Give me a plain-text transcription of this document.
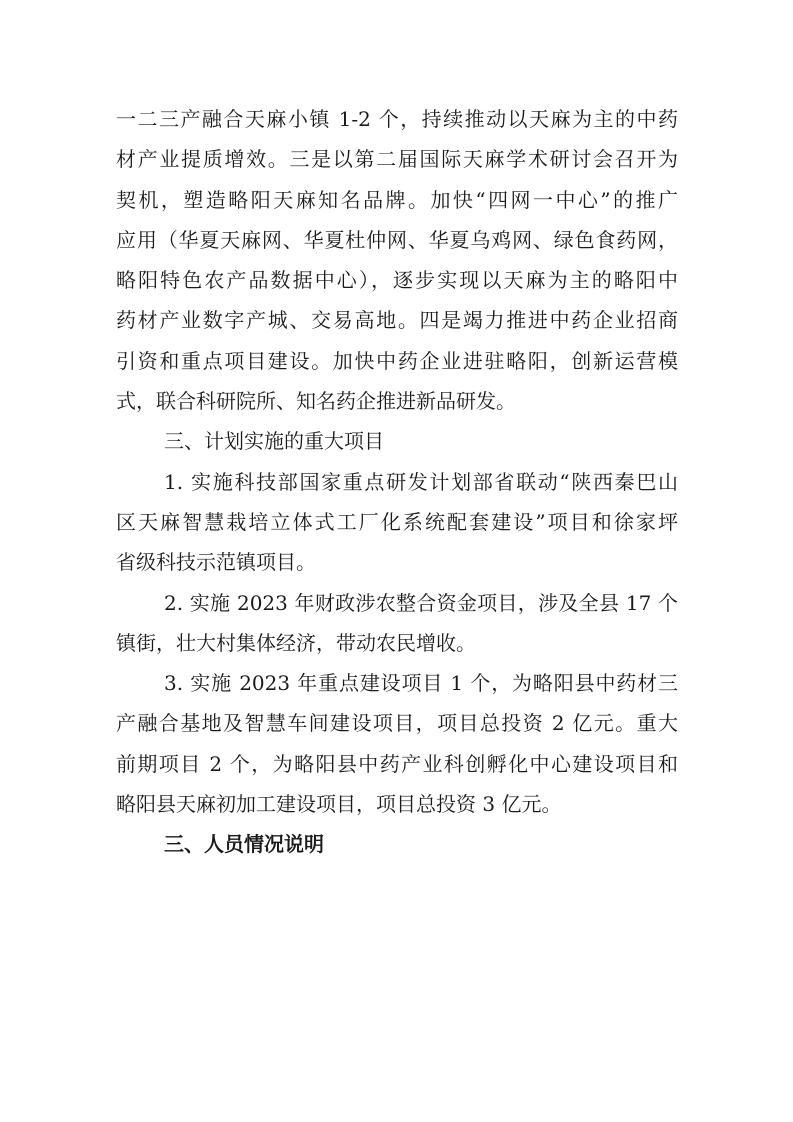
一二三产融合天麻小镇 1-2 个，持续推动以天麻为主的中药
材产业提质增效。三是以第二届国际天麻学术研讨会召开为
契机，塑造略阳天麻知名品牌。加快“四网一中心”的推广
应用（华夏天麻网、华夏杜仲网、华夏乌鸡网、绿色食药网，
略阳特色农产品数据中心），逐步实现以天麻为主的略阳中
药材产业数字产城、交易高地。四是竭力推进中药企业招商
引资和重点项目建设。加快中药企业进驻略阳，创新运营模
式，联合科研院所、知名药企推进新品研发。
三、计划实施的重大项目
1. 实施科技部国家重点研发计划部省联动“陕西秦巴山
区天麻智慧栽培立体式工厂化系统配套建设”项目和徐家坪
省级科技示范镇项目。
2. 实施 2023 年财政涉农整合资金项目，涉及全县 17 个
镇街，壮大村集体经济，带动农民增收。
3. 实施 2023 年重点建设项目 1 个，为略阳县中药材三
产融合基地及智慧车间建设项目，项目总投资 2 亿元。重大
前期项目 2 个，为略阳县中药产业科创孵化中心建设项目和
略阳县天麻初加工建设项目，项目总投资 3 亿元。
三、人员情况说明
